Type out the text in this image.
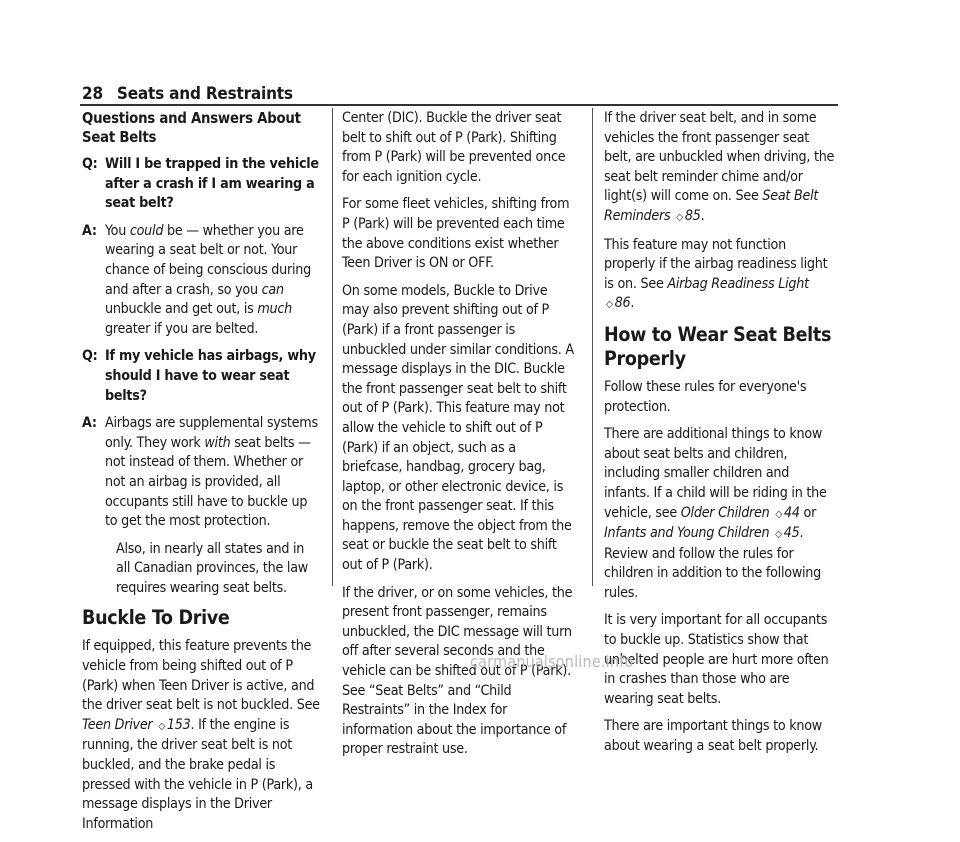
28 Seats and Restraints
Questions and Answers About Seat Belts
Q: Will I be trapped in the vehicle after a crash if I am wearing a seat belt?
A: You could be — whether you are wearing a seat belt or not. Your chance of being conscious during and after a crash, so you can unbuckle and get out, is much greater if you are belted.
Q: If my vehicle has airbags, why should I have to wear seat belts?
A: Airbags are supplemental systems only. They work with seat belts — not instead of them. Whether or not an airbag is provided, all occupants still have to buckle up to get the most protection.

Also, in nearly all states and in all Canadian provinces, the law requires wearing seat belts.

Buckle To Drive

If equipped, this feature prevents the vehicle from being shifted out of P (Park) when Teen Driver is active, and the driver seat belt is not buckled. See Teen Driver ◇ 153. If the engine is running, the driver seat belt is not buckled, and the brake pedal is pressed with the vehicle in P (Park), a message displays in the Driver Information

Center (DIC). Buckle the driver seat belt to shift out of P (Park). Shifting from P (Park) will be prevented once for each ignition cycle.

For some fleet vehicles, shifting from P (Park) will be prevented each time the above conditions exist whether Teen Driver is ON or OFF.

On some models, Buckle to Drive may also prevent shifting out of P (Park) if a front passenger is unbuckled under similar conditions. A message displays in the DIC. Buckle the front passenger seat belt to shift out of P (Park). This feature may not allow the vehicle to shift out of P (Park) if an object, such as a briefcase, handbag, grocery bag, laptop, or other electronic device, is on the front passenger seat. If this happens, remove the object from the seat or buckle the seat belt to shift out of P (Park).

If the driver, or on some vehicles, the present front passenger, remains unbuckled, the DIC message will turn off after several seconds and the vehicle can be shifted out of P (Park). See “Seat Belts” and “Child Restraints” in the Index for information about the importance of proper restraint use.

If the driver seat belt, and in some vehicles the front passenger seat belt, are unbuckled when driving, the seat belt reminder chime and/or light(s) will come on. See Seat Belt Reminders ◇ 85.

This feature may not function properly if the airbag readiness light is on. See Airbag Readiness Light ◇ 86.

How to Wear Seat Belts Properly

Follow these rules for everyone's protection.

There are additional things to know about seat belts and children, including smaller children and infants. If a child will be riding in the vehicle, see Older Children ◇ 44 or Infants and Young Children ◇ 45. Review and follow the rules for children in addition to the following rules.

It is very important for all occupants to buckle up. Statistics show that unbelted people are hurt more often in crashes than those who are wearing seat belts.

There are important things to know about wearing a seat belt properly.

carmanualsonline.info
